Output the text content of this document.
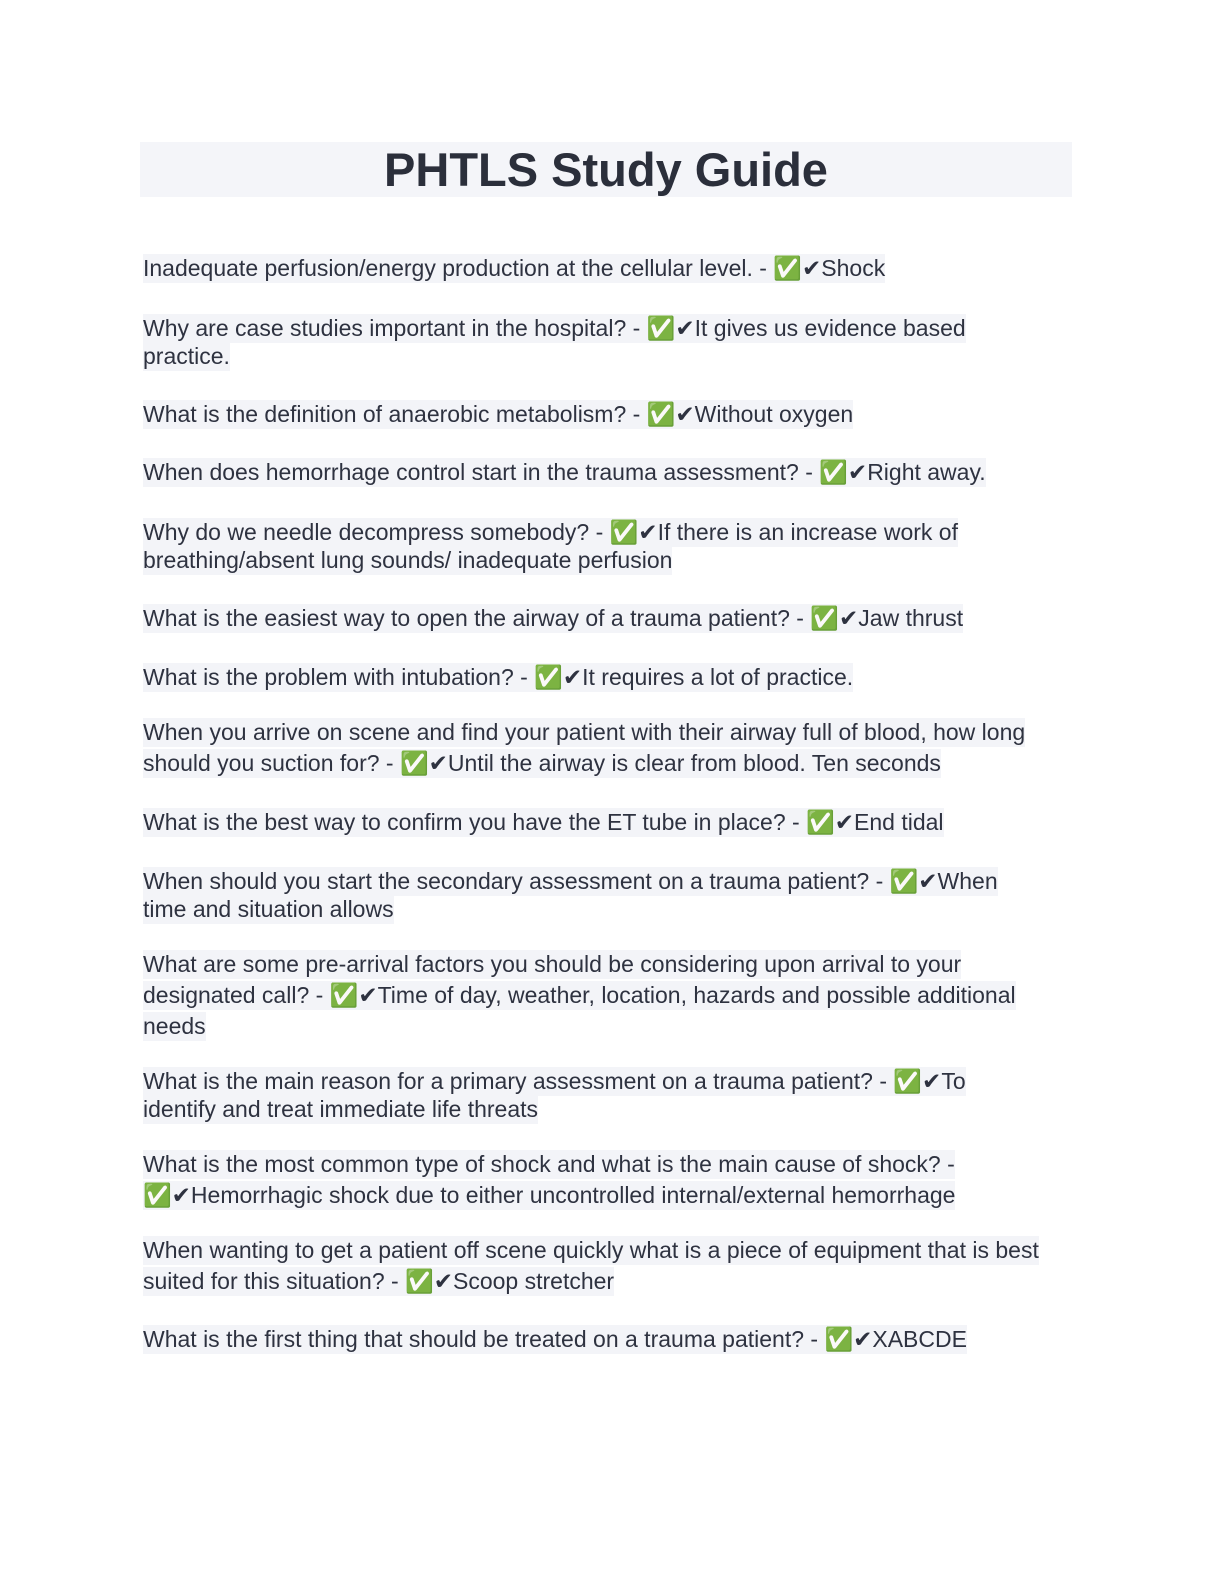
PHTLS Study Guide

Inadequate perfusion/energy production at the cellular level. - ✅✔Shock

Why are case studies important in the hospital? - ✅✔It gives us evidence based practice.

What is the definition of anaerobic metabolism? - ✅✔Without oxygen

When does hemorrhage control start in the trauma assessment? - ✅✔Right away.

Why do we needle decompress somebody? - ✅✔If there is an increase work of breathing/absent lung sounds/ inadequate perfusion

What is the easiest way to open the airway of a trauma patient? - ✅✔Jaw thrust

What is the problem with intubation? - ✅✔It requires a lot of practice.

When you arrive on scene and find your patient with their airway full of blood, how long should you suction for? - ✅✔Until the airway is clear from blood. Ten seconds

What is the best way to confirm you have the ET tube in place? - ✅✔End tidal

When should you start the secondary assessment on a trauma patient? - ✅✔When time and situation allows

What are some pre-arrival factors you should be considering upon arrival to your designated call? - ✅✔Time of day, weather, location, hazards and possible additional needs

What is the main reason for a primary assessment on a trauma patient? - ✅✔To identify and treat immediate life threats

What is the most common type of shock and what is the main cause of shock? - ✅✔Hemorrhagic shock due to either uncontrolled internal/external hemorrhage

When wanting to get a patient off scene quickly what is a piece of equipment that is best suited for this situation? - ✅✔Scoop stretcher

What is the first thing that should be treated on a trauma patient? - ✅✔XABCDE
